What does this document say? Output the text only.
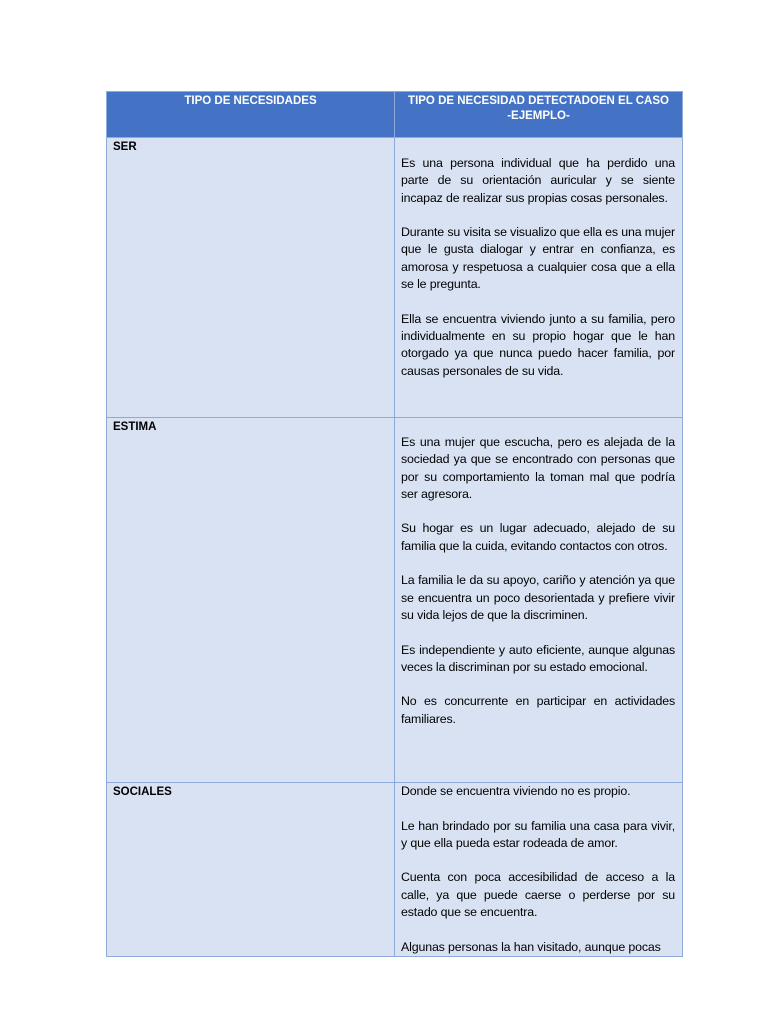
TIPO DE NECESIDADES	TIPO DE NECESIDAD DETECTADOEN EL CASO
-EJEMPLO-

SER	Es una persona individual que ha perdido una parte de su orientación auricular y se siente incapaz de realizar sus propias cosas personales.

Durante su visita se visualizo que ella es una mujer que le gusta dialogar y entrar en confianza, es amorosa y respetuosa a cualquier cosa que a ella se le pregunta.

Ella se encuentra viviendo junto a su familia, pero individualmente en su propio hogar que le han otorgado ya que nunca puedo hacer familia, por causas personales de su vida.

ESTIMA	Es una mujer que escucha, pero es alejada de la sociedad ya que se encontrado con personas que por su comportamiento la toman mal que podría ser agresora.

Su hogar es un lugar adecuado, alejado de su familia que la cuida, evitando contactos con otros.

La familia le da su apoyo, cariño y atención ya que se encuentra un poco desorientada y prefiere vivir su vida lejos de que la discriminen.

Es independiente y auto eficiente, aunque algunas veces la discriminan por su estado emocional.

No es concurrente en participar en actividades familiares.

SOCIALES	Donde se encuentra viviendo no es propio.

Le han brindado por su familia una casa para vivir, y que ella pueda estar rodeada de amor.

Cuenta con poca accesibilidad de acceso a la calle, ya que puede caerse o perderse por su estado que se encuentra.

Algunas personas la han visitado, aunque pocas
